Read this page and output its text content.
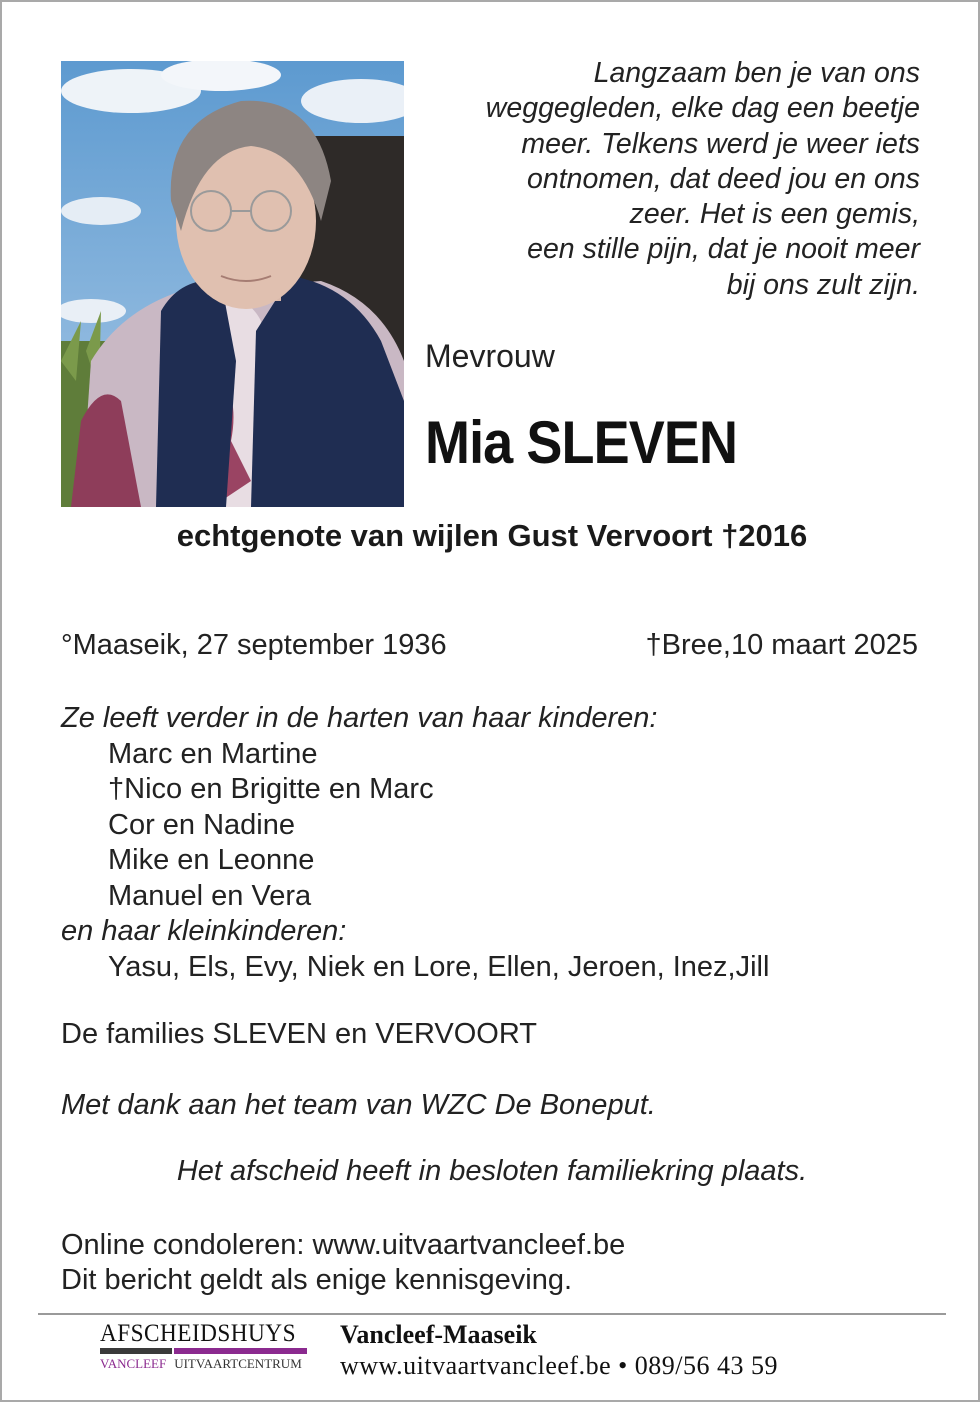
Langzaam ben je van ons
weggegleden, elke dag een beetje
meer. Telkens werd je weer iets
ontnomen, dat deed jou en ons
zeer. Het is een gemis,
een stille pijn, dat je nooit meer
bij ons zult zijn.
Mevrouw
Mia SLEVEN
echtgenote van wijlen Gust Vervoort †2016
°Maaseik, 27 september 1936	†Bree,10 maart 2025
Ze leeft verder in de harten van haar kinderen:
Marc en Martine
†Nico en Brigitte en Marc
Cor en Nadine
Mike en Leonne
Manuel en Vera
en haar kleinkinderen:
Yasu, Els, Evy, Niek en Lore, Ellen, Jeroen, Inez,Jill
De families SLEVEN en VERVOORT
Met dank aan het team van WZC De Boneput.
Het afscheid heeft in besloten familiekring plaats.
Online condoleren: www.uitvaartvancleef.be
Dit bericht geldt als enige kennisgeving.
AFSCHEIDSHUYS
VANCLEEF UITVAARTCENTRUM
Vancleef-Maaseik
www.uitvaartvancleef.be • 089/56 43 59
